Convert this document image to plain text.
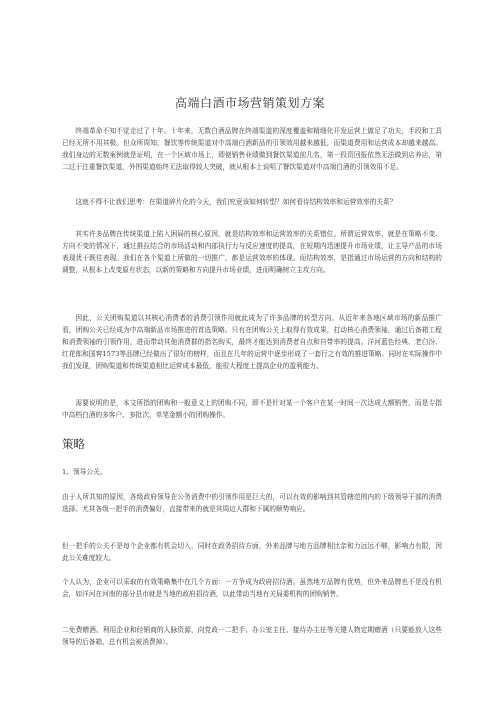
高端白酒市场营销策划方案

终端革命不知不觉走过了十年。十年来，无数白酒品牌在终端渠道的深度覆盖和精细化开发运营上做足了功夫，手段和工具已经无所不用其极。但众所周知，餐饮等传统渠道对中高端白酒新品的引领效用越来越低，而渠道费用和运营成本却越来越高。我们身边的无数案例就是证明，在一个区域市场上，即便销售业绩做到餐饮渠道前几名，第一段资回报依然无法做到店养店，第二过于注重餐饮渠道，外围渠道始终无法取得较大突破，就从根本上说明了餐饮渠道对中高端白酒的引领效用不足。

这就不得不让我们思考：在渠道碎片化的今天，我们究竟该如何转型？如何看待结构效率和运营效率的关系？

其实许多品牌在传统渠道上陷入困局的核心原因，就是结构效率和运营效率的关系错位。所谓运营效率，就是在策略不变、方向不变的情况下，通过推拉结合的市场活动和内部执行力与反应速度的提高，在短期内迅速提升市场业绩，让主导产品的市场表现优于既往表现。我们在各个渠道上所做的一切推广，都是运营效率的体现。而结构效率，是指通过市场运营的方向和结构的调整，从根本上改变原有状态，以新的策略和方向提升市场业绩，进而明确树立主攻方向。

因此，公关团购渠道以其核心消费者的消费引领作用就此成为了许多品牌的转型方向。从近年来各地区域市场的新品推广看，团购公关已经成为中高端新品市场推进的首选策略。只有在团购公关上取得有效成果，打动核心消费领袖，通过后备箱工程和消费领袖的引领作用，进而带动其他消费群的指名购买，最终才能达到消费者自点和自带率的提高。洋河蓝色经典、老白汾、红花郎和国窖1573等品牌已经做出了很好的榜样，而且在几年的运营中逐步形成了一套行之有效的推进策略。同时在实际操作中我们发现，团购渠道和传统渠道相比运营成本最低，能很大程度上提高企业的盈利能力。

需要说明的是，本文所指的团购和一般意义上的团购不同，即不是针对某一个客户在某一时间一次达成大额销售，而是专指中高档白酒的多客户、多批次、单笔金额小的团购操作。

策略

1、领导公关。

由于人所共知的原因，各级政府领导在公务消费中的引领作用是巨大的，可以有效的影响到其管辖范围内的下级领导干部的消费选择。尤其各级一把手的消费偏好，直接带来的就是其周边人群和下属的顺势响应。

但一把手的公关不是每个企业都有机会切入，同时在政务招待方面，外来品牌与地方品牌相比亲和力远远不够，影响力有限，因此公关难度较大。

个人认为，企业可以采取的有效策略集中在几个方面：一方争成为政府招待酒。虽然地方品牌有优势，但外来品牌也不是没有机会，如洋河在河南的部分县市就是当地的政府招待酒，以此带动当地有关局委机构的团购销售。

二免费赠酒。利用企业和经销商的人脉资源，向党政一二把手、办公室主任、接待办主任等关键人物定期赠酒（只要能放入这些领导的后备箱，总有机会被消费掉）。
